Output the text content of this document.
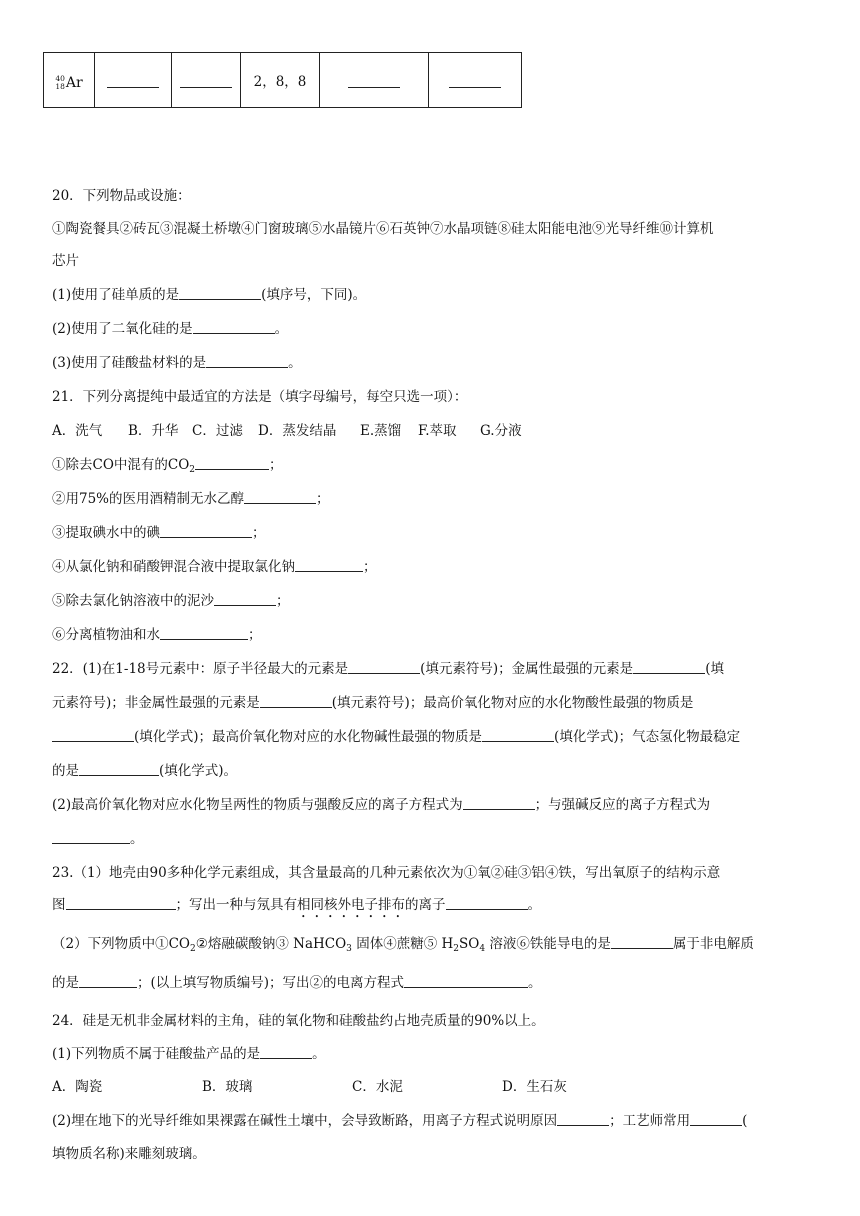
40
18 Ar			2，8，8		
20．下列物品或设施：
①陶瓷餐具②砖瓦③混凝土桥墩④门窗玻璃⑤水晶镜片⑥石英钟⑦水晶项链⑧硅太阳能电池⑨光导纤维⑩计算机
芯片
(1)使用了硅单质的是	(填序号，下同)。
(2)使用了二氧化硅的是	。
(3)使用了硅酸盐材料的是	。
21．下列分离提纯中最适宜的方法是（填字母编号，每空只选一项）：
A．洗气 B．升华 C．过滤 D．蒸发结晶 E.蒸馏 F.萃取 G.分液
①除去CO中混有的$CO_2$	；
②用75%的医用酒精制无水乙醇	；
③提取碘水中的碘	；
④从氯化钠和硝酸钾混合液中提取氯化钠	；
⑤除去氯化钠溶液中的泥沙	；
⑥分离植物油和水	；
22．(1)在1-18号元素中：原子半径最大的元素是	(填元素符号)；金属性最强的元素是	(填
元素符号)；非金属性最强的元素是	(填元素符号)；最高价氧化物对应的水化物酸性最强的物质是
(填化学式)；最高价氧化物对应的水化物碱性最强的物质是	(填化学式)；气态氢化物最稳定
的是	(填化学式)。
(2)最高价氧化物对应水化物呈两性的物质与强酸反应的离子方程式为	；与强碱反应的离子方程式为
。
23.（1）地壳由90多种化学元素组成，其含量最高的几种元素依次为①氧②硅③铝④铁，写出氧原子的结构示意
图	；写出一种与氖具有相同核外电子排布的离子	。
（2）下列物质中$①CO_2②$熔融碳酸钠③ NaHCO$_3$ 固体④蔗糖⑤ $H_2SO_4$ 溶液⑥铁能导电的是	属于非电解质
的是	；(以上填写物质编号)；写出②的电离方程式	。
24．硅是无机非金属材料的主角，硅的氧化物和硅酸盐约占地壳质量的90%以上。
(1)下列物质不属于硅酸盐产品的是	。
A．陶瓷	B．玻璃	C．水泥	D．生石灰
(2)埋在地下的光导纤维如果裸露在碱性土壤中，会导致断路，用离子方程式说明原因	；工艺师常用	(
填物质名称)来雕刻玻璃。
